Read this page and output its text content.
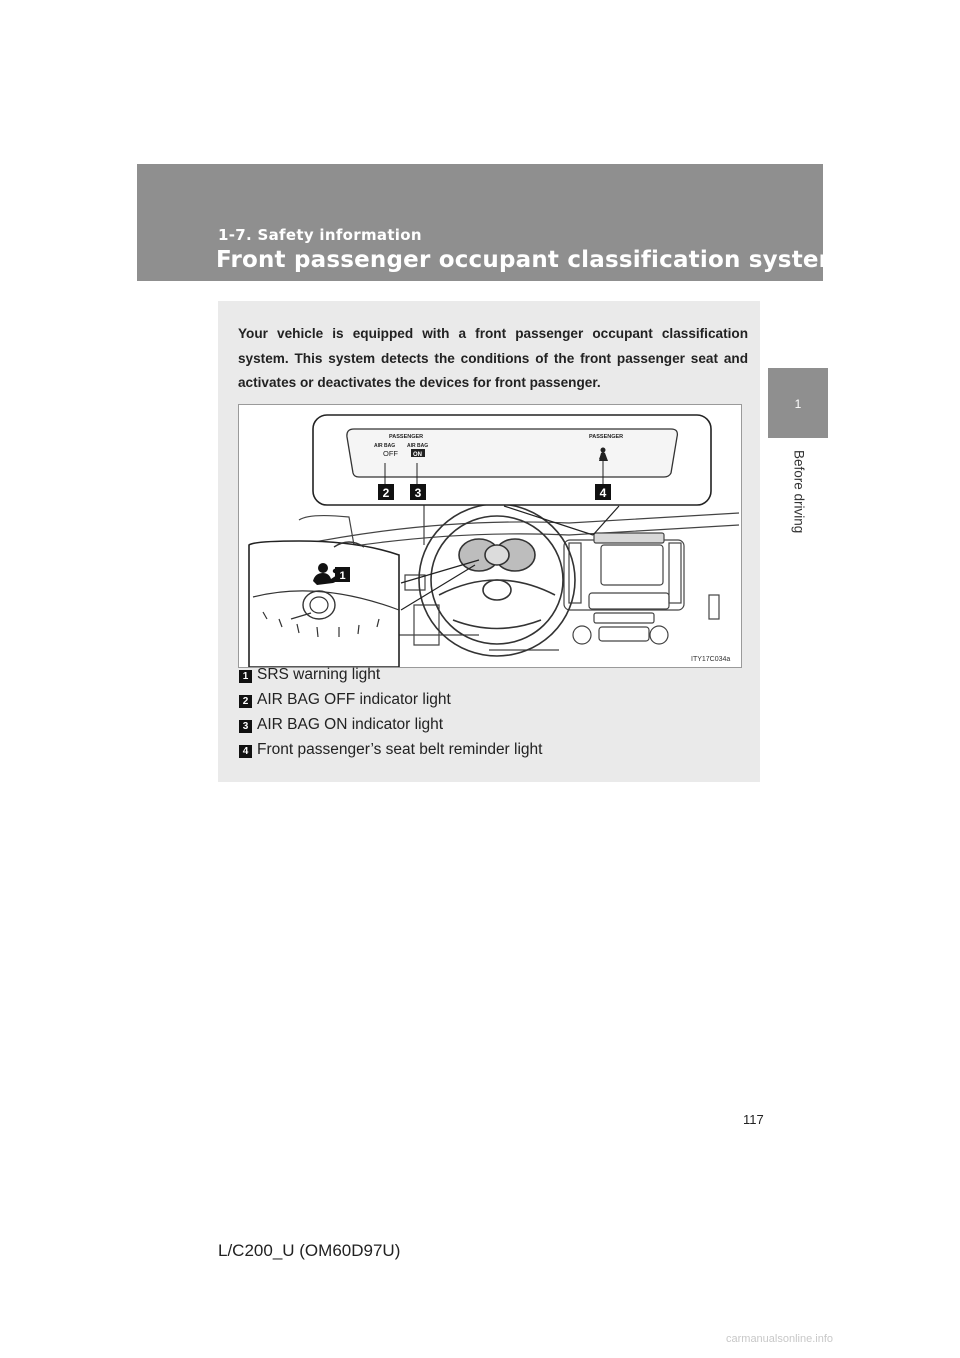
1-7. Safety information
Front passenger occupant classification system
1
Before driving
Your vehicle is equipped with a front passenger occupant classification system. This system detects the conditions of the front passenger seat and activates or deactivates the devices for front passenger.
PASSENGER	PASSENGER
AIR BAG
OFF
AIR BAG
ON
2 3	4
1
ITY17C034a
1 SRS warning light
2 AIR BAG OFF indicator light
3 AIR BAG ON indicator light
4 Front passenger’s seat belt reminder light
117
L/C200_U (OM60D97U)
carmanualsonline.info
